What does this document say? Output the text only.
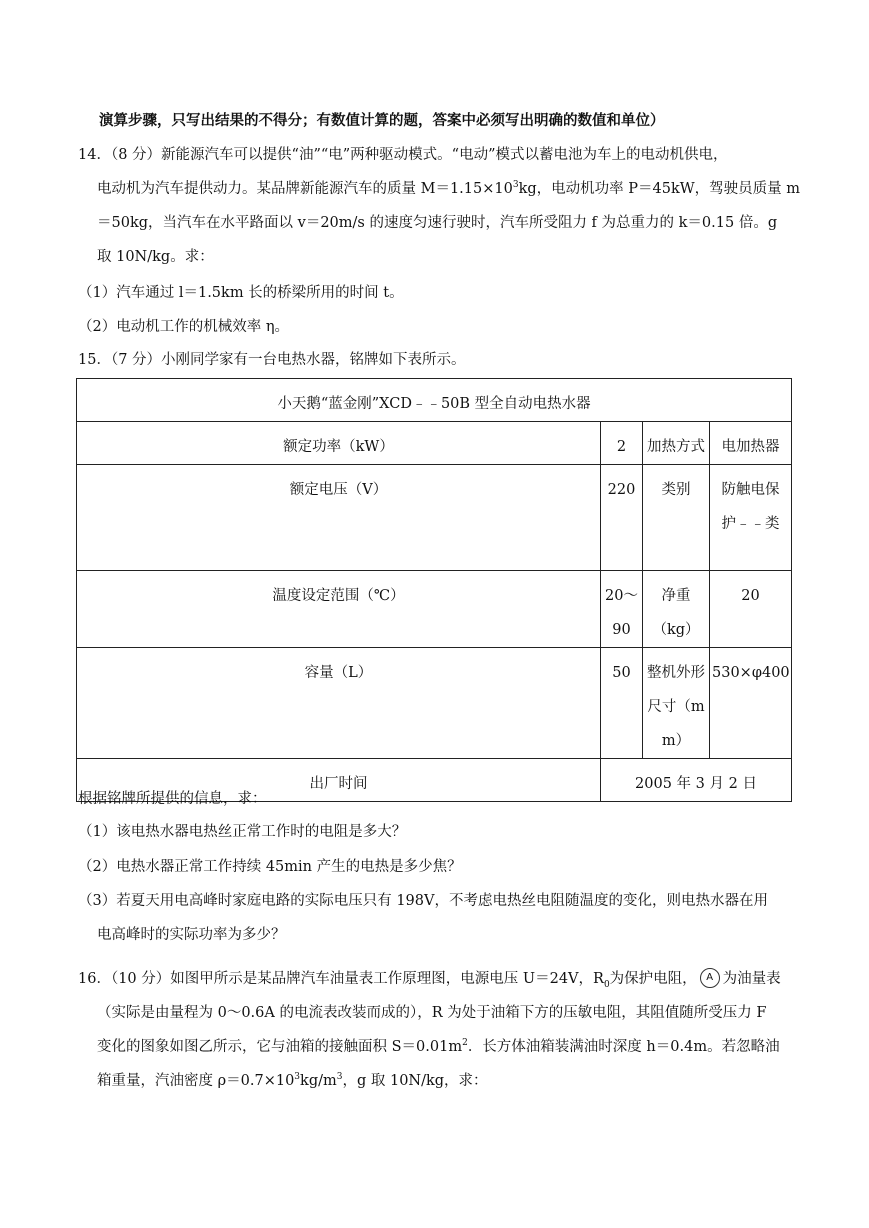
演算步骤，只写出结果的不得分；有数值计算的题，答案中必须写出明确的数值和单位）
14．（8 分）新能源汽车可以提供“油”“电”两种驱动模式。“电动”模式以蓄电池为车上的电动机供电，
电动机为汽车提供动力。某品牌新能源汽车的质量 $M=1.15\times 10^3kg$，电动机功率 P＝45kW，驾驶员质量 m
＝50kg，当汽车在水平路面以 v＝20m/s 的速度匀速行驶时，汽车所受阻力 f 为总重力的 k＝0.15 倍。g
取 10N/kg。求：
（1）汽车通过 l＝1.5km 长的桥梁所用的时间 t。
（2）电动机工作的机械效率 η。
15．（7 分）小刚同学家有一台电热水器，铭牌如下表所示。
小天鹅“蓝金刚”XCD﹣﹣50B 型全自动电热水器			
额定功率（kW）	2	加热方式	电加热器
额定电压（V）	220	类别	防触电保护﹣﹣类
温度设定范围（℃）	20～90	净重（kg）	20
容量（L）	50	整机外形尺寸（mm）	530×φ400
出厂时间	2005 年 3 月 2 日		
根据铭牌所提供的信息，求：
（1）该电热水器电热丝正常工作时的电阻是多大？
（2）电热水器正常工作持续 45min 产生的电热是多少焦？
（3）若夏天用电高峰时家庭电路的实际电压只有 198V，不考虑电热丝电阻随温度的变化，则电热水器在用
电高峰时的实际功率为多少？
16．（10 分）如图甲所示是某品牌汽车油量表工作原理图，电源电压 U＝24V，$R_0$为保护电阻， A 为油量表
（实际是由量程为 0～0.6A 的电流表改装而成的），R 为处于油箱下方的压敏电阻，其阻值随所受压力 F
变化的图象如图乙所示，它与油箱的接触面积 $S=0.01m^2$．长方体油箱装满油时深度 h＝0.4m。若忽略油
箱重量，汽油密度 $\rho=0.7\times 10^3kg/m^3$，g 取 10N/kg，求：
